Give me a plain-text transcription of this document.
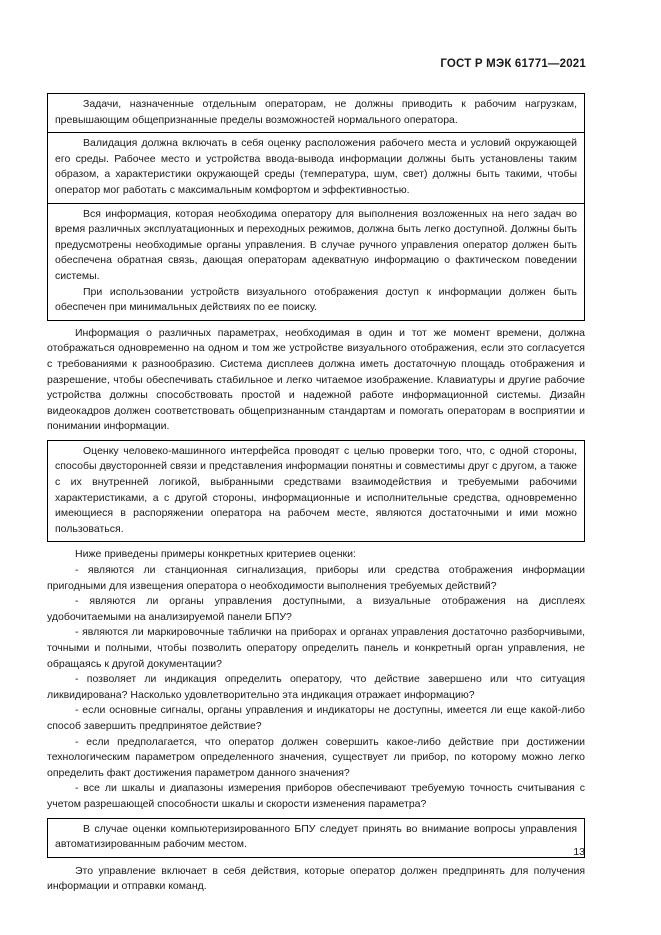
ГОСТ Р МЭК 61771—2021

Задачи, назначенные отдельным операторам, не должны приводить к рабочим нагрузкам, превышающим общепризнанные пределы возможностей нормального оператора.

Валидация должна включать в себя оценку расположения рабочего места и условий окружающей его среды. Рабочее место и устройства ввода-вывода информации должны быть установлены таким образом, а характеристики окружающей среды (температура, шум, свет) должны быть такими, чтобы оператор мог работать с максимальным комфортом и эффективностью.

Вся информация, которая необходима оператору для выполнения возложенных на него задач во время различных эксплуатационных и переходных режимов, должна быть легко доступной. Должны быть предусмотрены необходимые органы управления. В случае ручного управления оператор должен быть обеспечена обратная связь, дающая операторам адекватную информацию о фактическом поведении системы.

При использовании устройств визуального отображения доступ к информации должен быть обеспечен при минимальных действиях по ее поиску.

Информация о различных параметрах, необходимая в один и тот же момент времени, должна отображаться одновременно на одном и том же устройстве визуального отображения, если это согласуется с требованиями к разнообразию. Система дисплеев должна иметь достаточную площадь отображения и разрешение, чтобы обеспечивать стабильное и легко читаемое изображение. Клавиатуры и другие рабочие устройства должны способствовать простой и надежной работе информационной системы. Дизайн видеокадров должен соответствовать общепризнанным стандартам и помогать операторам в восприятии и понимании информации.

Оценку человеко-машинного интерфейса проводят с целью проверки того, что, с одной стороны, способы двусторонней связи и представления информации понятны и совместимы друг с другом, а также с их внутренней логикой, выбранными средствами взаимодействия и требуемыми рабочими характеристиками, а с другой стороны, информационные и исполнительные средства, одновременно имеющиеся в распоряжении оператора на рабочем месте, являются достаточными и ими можно пользоваться.

Ниже приведены примеры конкретных критериев оценки:

- являются ли станционная сигнализация, приборы или средства отображения информации пригодными для извещения оператора о необходимости выполнения требуемых действий?

- являются ли органы управления доступными, а визуальные отображения на дисплеях удобочитаемыми на анализируемой панели БПУ?

- являются ли маркировочные таблички на приборах и органах управления достаточно разборчивыми, точными и полными, чтобы позволить оператору определить панель и конкретный орган управления, не обращаясь к другой документации?

- позволяет ли индикация определить оператору, что действие завершено или что ситуация ликвидирована? Насколько удовлетворительно эта индикация отражает информацию?

- если основные сигналы, органы управления и индикаторы не доступны, имеется ли еще какой-либо способ завершить предпринятое действие?

- если предполагается, что оператор должен совершить какое-либо действие при достижении технологическим параметром определенного значения, существует ли прибор, по которому можно легко определить факт достижения параметром данного значения?

- все ли шкалы и диапазоны измерения приборов обеспечивают требуемую точность считывания с учетом разрешающей способности шкалы и скорости изменения параметра?

В случае оценки компьютеризированного БПУ следует принять во внимание вопросы управления автоматизированным рабочим местом.

Это управление включает в себя действия, которые оператор должен предпринять для получения информации и отправки команд.

13
